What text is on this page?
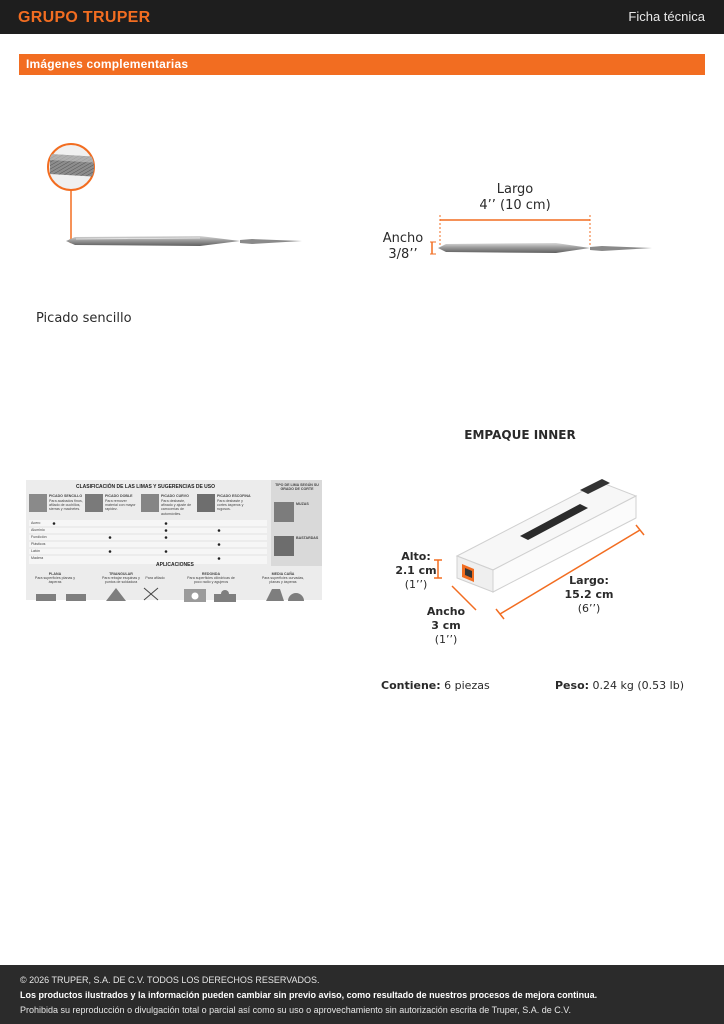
GRUPO TRUPER	Ficha técnica
Imágenes complementarias
Picado sencillo
Largo
4’’ (10 cm)
Ancho
3/8’’
CLASIFICACIÓN DE LAS LIMAS Y SUGERENCIAS DE USO
PICADO SENCILLO
Para acabados finos, afilado de cuchillos, sierras y machetes.
PICADO DOBLE
Para remover material con mayor rapidez.
PICADO CURVO
Para desbaste, afinado y ajuste de carrocerías de automóviles.
PICADO ESCOFINA
Para desbaste y cortes ásperos y rugosos.
Acero
Aluminio
Fundición
Plásticos
Latón
Madera
TIPO DE LIMA SEGÚN SU GRADO DE CORTE
MUZAS
BASTARDAS
APLICACIONES
PLANA
Para superficies planas y ásperas
TRIANGULAR
Para rebajar esquinas y puntos de soldadura
Para afilado
REDONDA
Para superficies cilíndricas de poco radio y agujeros
MEDIA CAÑA
Para superficies curvadas, planas y ásperas
EMPAQUE INNER
Alto:
2.1 cm
(1’’)
Ancho
3 cm
(1’’)
Largo:
15.2 cm
(6’’)
Contiene: 6 piezas	Peso: 0.24 kg (0.53 lb)
© 2026 TRUPER, S.A. DE C.V. TODOS LOS DERECHOS RESERVADOS.
Los productos ilustrados y la información pueden cambiar sin previo aviso, como resultado de nuestros procesos de mejora continua.
Prohibida su reproducción o divulgación total o parcial así como su uso o aprovechamiento sin autorización escrita de Truper, S.A. de C.V.
